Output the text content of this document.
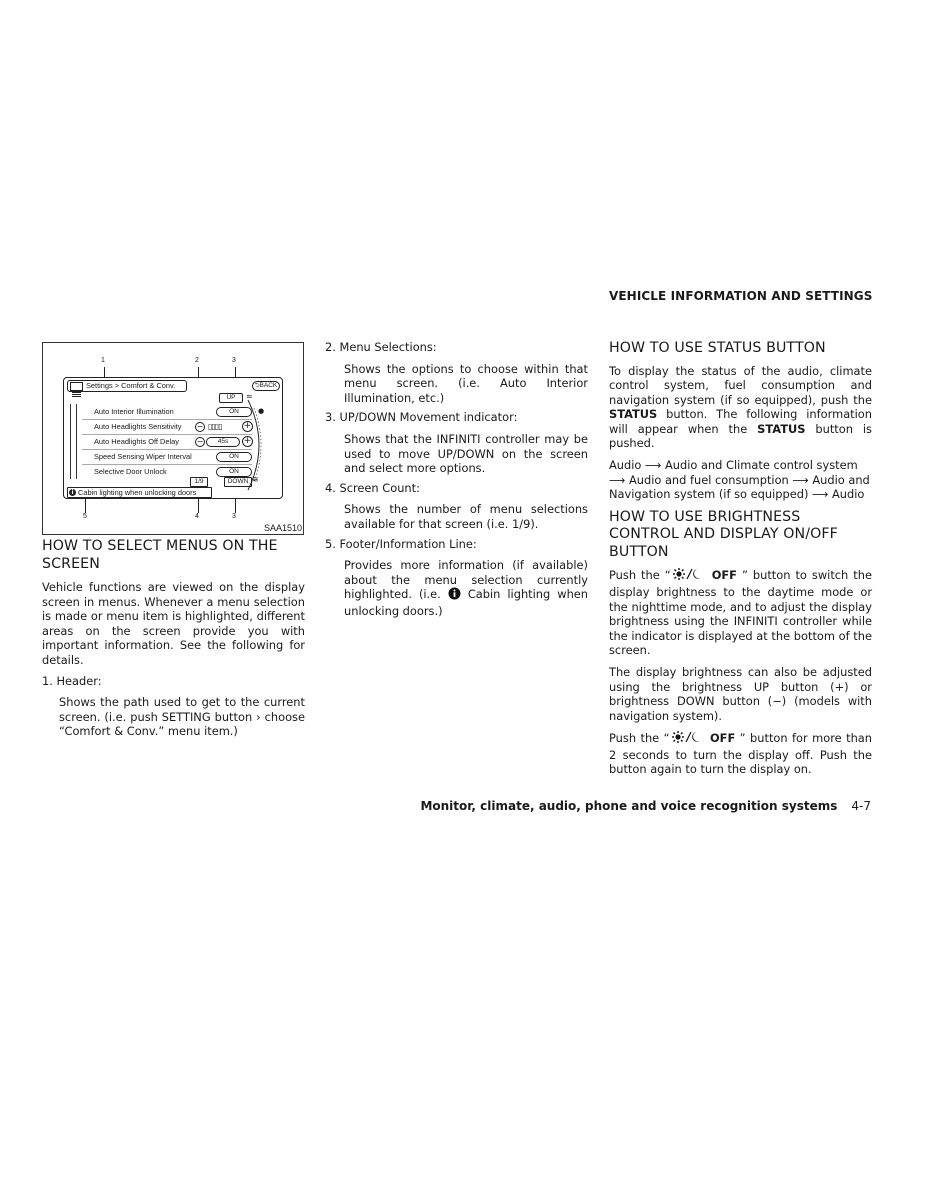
VEHICLE INFORMATION AND SETTINGS
1	2	3
Settings > Comfort & Conv.	⮌BACK
UP	≈
●
Auto Interior Illumination	ON
Auto Headlights Sensitivity − ▯▯▯▯ +
Auto Headlights Off Delay −	45s	+
Speed Sensing Wiper Interval	ON
Selective Door Unlock	ON
1/9	DOWN ≋
i Cabin lighting when unlocking doors
5	4	3
SAA1510
HOW TO SELECT MENUS ON THE SCREEN

Vehicle functions are viewed on the display screen in menus. Whenever a menu selection is made or menu item is highlighted, different areas on the screen provide you with important information. See the following for details.

1. Header:

Shows the path used to get to the current screen. (i.e. push SETTING button › choose “Comfort & Conv.” menu item.)

2. Menu Selections:

Shows the options to choose within that menu screen. (i.e. Auto Interior Illumination, etc.)

3. UP/DOWN Movement indicator:

Shows that the INFINITI controller may be used to move UP/DOWN on the screen and select more options.

4. Screen Count:

Shows the number of menu selections available for that screen (i.e. 1/9).

5. Footer/Information Line:

Provides more information (if available) about the menu selection currently highlighted. (i.e. Cabin lighting when unlocking doors.)

HOW TO USE STATUS BUTTON

To display the status of the audio, climate control system, fuel consumption and navigation system (if so equipped), push the STATUS button. The following information will appear when the STATUS button is pushed.

Audio ⟶ Audio and Climate control system ⟶ Audio and fuel consumption ⟶ Audio and Navigation system (if so equipped) ⟶ Audio

HOW TO USE BRIGHTNESS CONTROL AND DISPLAY ON/OFF BUTTON

Push the “	OFF ” button to switch the display brightness to the daytime mode or the nighttime mode, and to adjust the display brightness using the INFINITI controller while the indicator is displayed at the bottom of the screen.

The display brightness can also be adjusted using the brightness UP button (+) or brightness DOWN button (−) (models with navigation system).

Push the “	OFF ” button for more than 2 seconds to turn the display off. Push the button again to turn the display on.

Monitor, climate, audio, phone and voice recognition systems 4-7
